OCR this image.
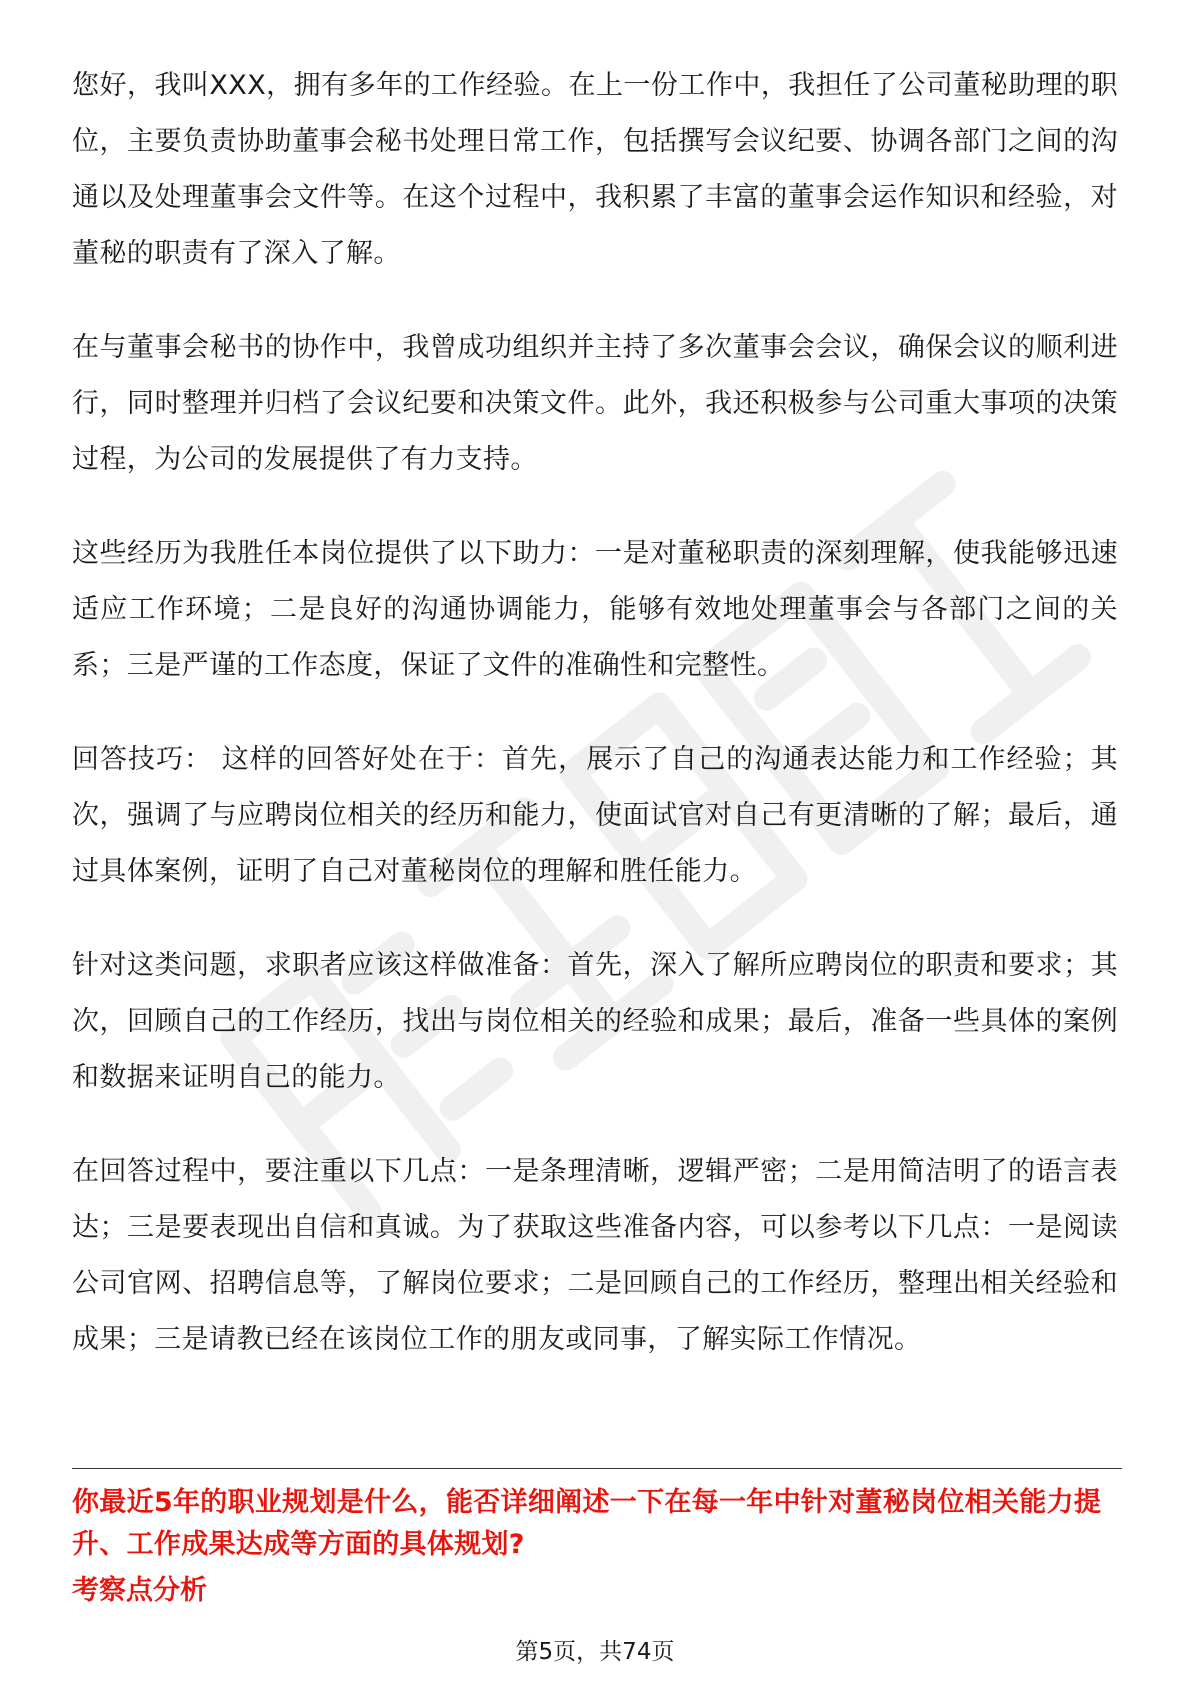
您好，我叫XXX，拥有多年的工作经验。在上一份工作中，我担任了公司董秘助理的职位，主要负责协助董事会秘书处理日常工作，包括撰写会议纪要、协调各部门之间的沟通以及处理董事会文件等。在这个过程中，我积累了丰富的董事会运作知识和经验，对董秘的职责有了深入了解。

在与董事会秘书的协作中，我曾成功组织并主持了多次董事会会议，确保会议的顺利进行，同时整理并归档了会议纪要和决策文件。此外，我还积极参与公司重大事项的决策过程，为公司的发展提供了有力支持。

这些经历为我胜任本岗位提供了以下助力：一是对董秘职责的深刻理解，使我能够迅速适应工作环境；二是良好的沟通协调能力，能够有效地处理董事会与各部门之间的关系；三是严谨的工作态度，保证了文件的准确性和完整性。

回答技巧： 这样的回答好处在于：首先，展示了自己的沟通表达能力和工作经验；其次，强调了与应聘岗位相关的经历和能力，使面试官对自己有更清晰的了解；最后，通过具体案例，证明了自己对董秘岗位的理解和胜任能力。

针对这类问题，求职者应该这样做准备：首先，深入了解所应聘岗位的职责和要求；其次，回顾自己的工作经历，找出与岗位相关的经验和成果；最后，准备一些具体的案例和数据来证明自己的能力。

在回答过程中，要注重以下几点：一是条理清晰，逻辑严密；二是用简洁明了的语言表达；三是要表现出自信和真诚。为了获取这些准备内容，可以参考以下几点：一是阅读公司官网、招聘信息等，了解岗位要求；二是回顾自己的工作经历，整理出相关经验和成果；三是请教已经在该岗位工作的朋友或同事，了解实际工作情况。

你最近5年的职业规划是什么，能否详细阐述一下在每一年中针对董秘岗位相关能力提升、工作成果达成等方面的具体规划?
考察点分析
第5页，共74页
